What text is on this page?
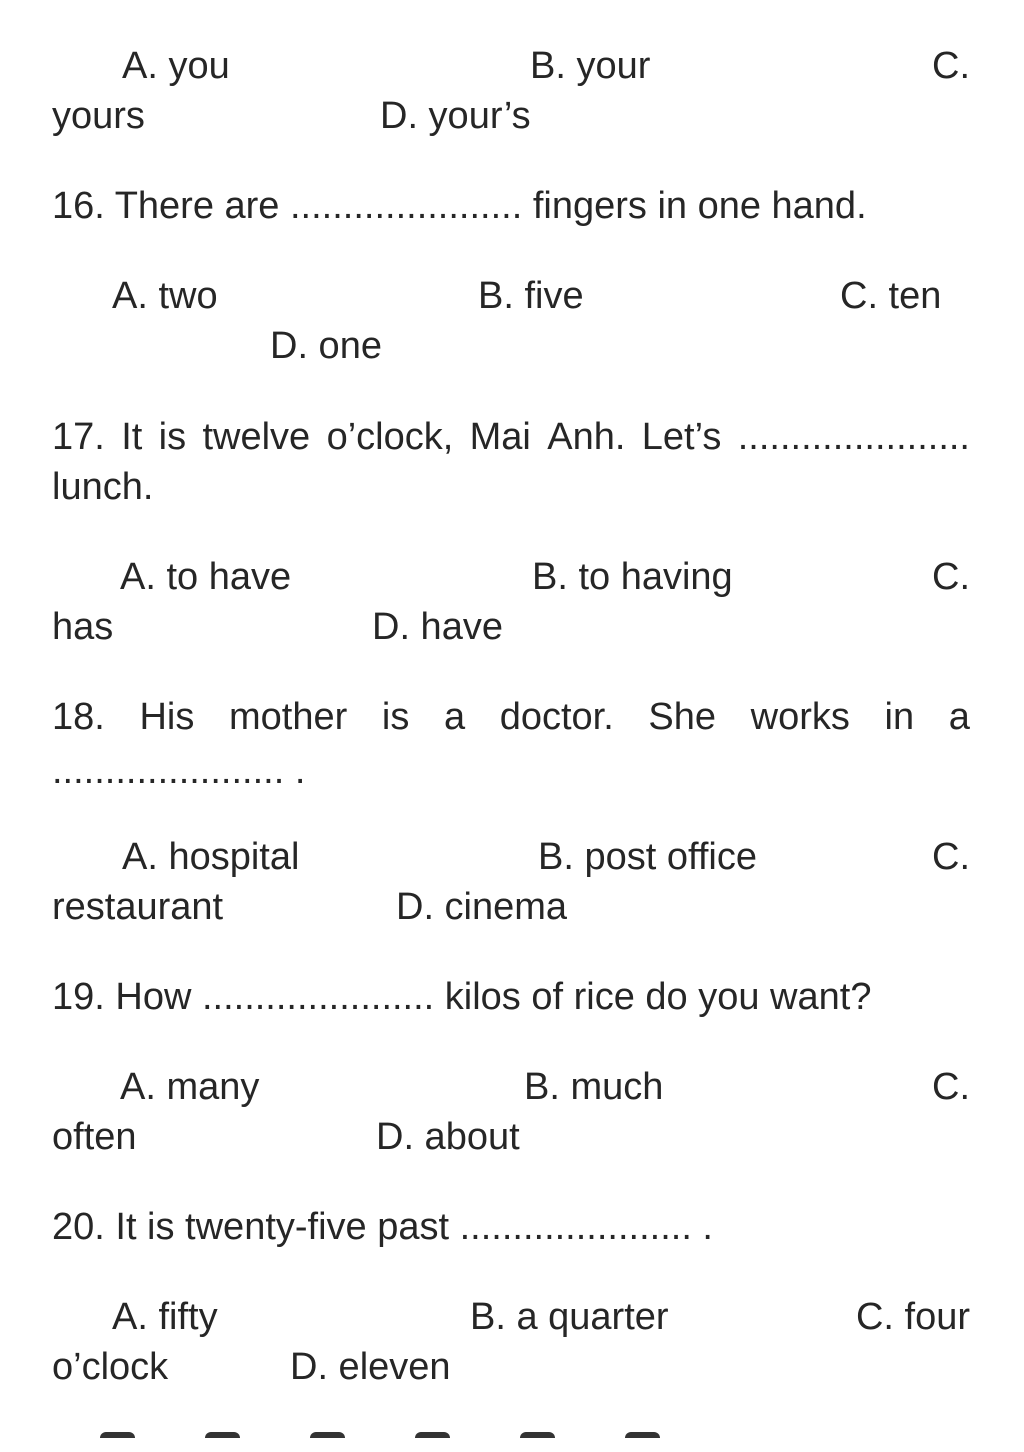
A. you	B. your	C.
yours	D. your’s
16. There are ...................... fingers in one hand.
A. two	B. five	C. ten
D. one
17. It is twelve o’clock, Mai Anh. Let’s ......................
lunch.
A. to have	B. to having	C.
has	D. have
18. His mother is a doctor. She works in a
...................... .
A. hospital	B. post office	C.
restaurant	D. cinema
19. How ...................... kilos of rice do you want?
A. many	B. much	C.
often	D. about
20. It is twenty-five past ...................... .
A. fifty	B. a quarter	C. four
o’clock	D. eleven
